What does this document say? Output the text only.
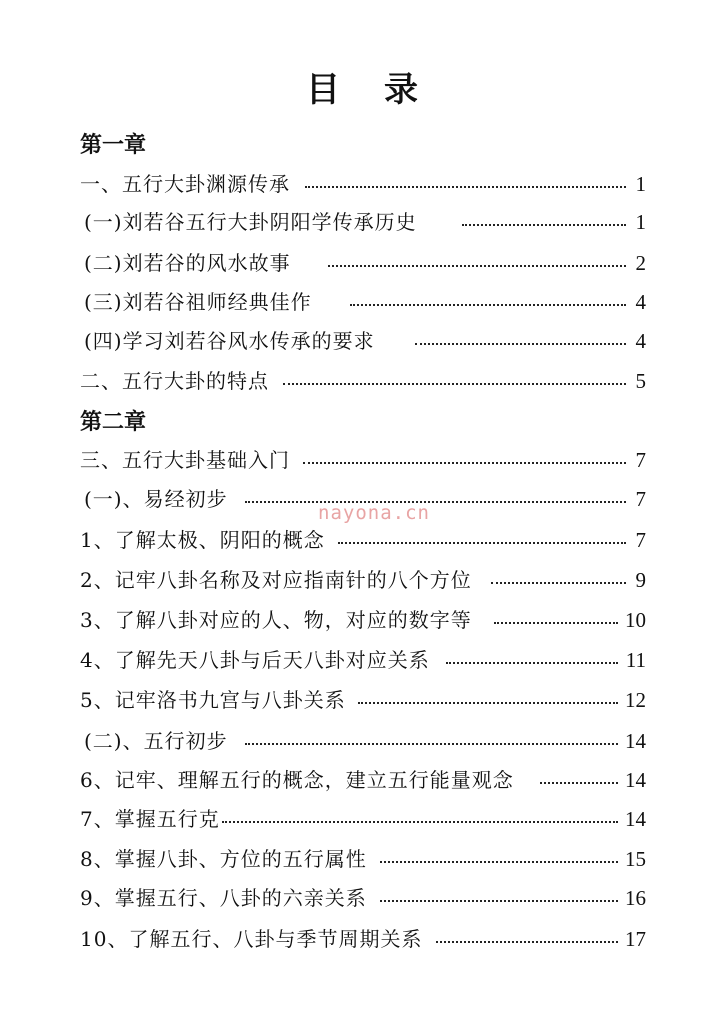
目录
第一章
第二章
一、五行大卦渊源传承	1
(一)刘若谷五行大卦阴阳学传承历史	1
(二)刘若谷的风水故事	2
(三)刘若谷祖师经典佳作	4
(四)学习刘若谷风水传承的要求	4
二、五行大卦的特点	5
三、五行大卦基础入门	7
(一)、易经初步	7
1、了解太极、阴阳的概念	7
2、记牢八卦名称及对应指南针的八个方位	9
3、了解八卦对应的人、物，对应的数字等	10
4、了解先天八卦与后天八卦对应关系	11
5、记牢洛书九宫与八卦关系	12
(二)、五行初步	14
6、记牢、理解五行的概念，建立五行能量观念	14
7、掌握五行克	14
8、掌握八卦、方位的五行属性	15
9、掌握五行、八卦的六亲关系	16
10、了解五行、八卦与季节周期关系	17
nayona.cn
